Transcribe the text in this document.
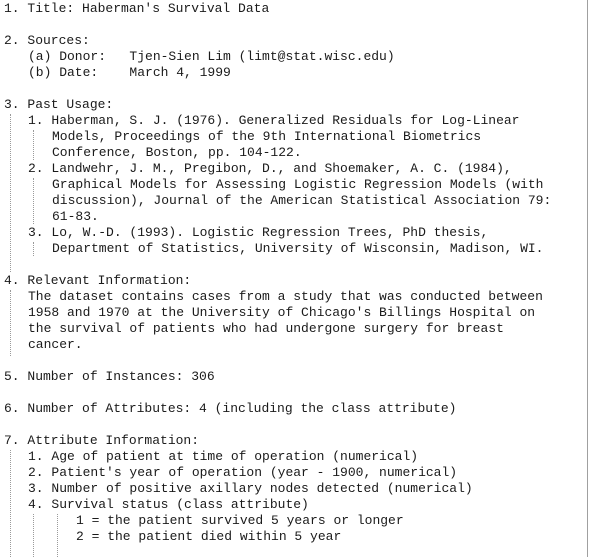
1. Title: Haberman's Survival Data
2. Sources:
(a) Donor:   Tjen-Sien Lim (limt@stat.wisc.edu)
(b) Date:    March 4, 1999
3. Past Usage:
1. Haberman, S. J. (1976). Generalized Residuals for Log-Linear
Models, Proceedings of the 9th International Biometrics
Conference, Boston, pp. 104-122.
2. Landwehr, J. M., Pregibon, D., and Shoemaker, A. C. (1984),
Graphical Models for Assessing Logistic Regression Models (with
discussion), Journal of the American Statistical Association 79:
61-83.
3. Lo, W.-D. (1993). Logistic Regression Trees, PhD thesis,
Department of Statistics, University of Wisconsin, Madison, WI.
4. Relevant Information:
The dataset contains cases from a study that was conducted between
1958 and 1970 at the University of Chicago's Billings Hospital on
the survival of patients who had undergone surgery for breast
cancer.
5. Number of Instances: 306
6. Number of Attributes: 4 (including the class attribute)
7. Attribute Information:
1. Age of patient at time of operation (numerical)
2. Patient's year of operation (year - 1900, numerical)
3. Number of positive axillary nodes detected (numerical)
4. Survival status (class attribute)
1 = the patient survived 5 years or longer
2 = the patient died within 5 year
